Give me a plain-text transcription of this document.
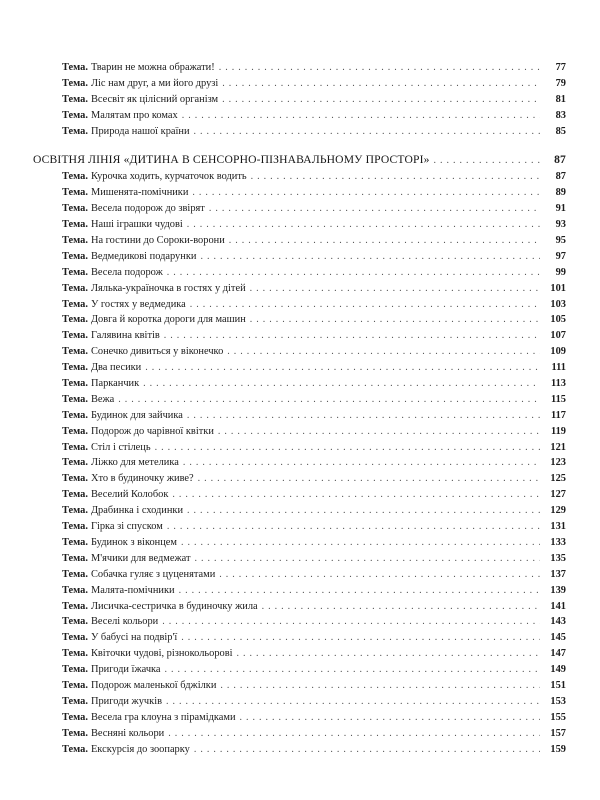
Тема. Тварин не можна ображати! . . .	77
Тема. Ліс нам друг, а ми його друзі . . .	79
Тема. Всесвіт як цілісний організм . . .	81
Тема. Малятам про комах . . .	83
Тема. Природа нашої країни . . .	85
ОСВІТНЯ ЛІНІЯ «ДИТИНА В СЕНСОРНО-ПІЗНАВАЛЬНОМУ ПРОСТОРІ» . . .	87
Тема. Курочка ходить, курчаточок водить . . .	87
Тема. Мишенята-помічники . . .	89
Тема. Весела подорож до звірят . . .	91
Тема. Наші іграшки чудові . . .	93
Тема. На гостини до Сороки-ворони . . .	95
Тема. Ведмедикові подарунки . . .	97
Тема. Весела подорож . . .	99
Тема. Лялька-україночка в гостях у дітей . . .	101
Тема. У гостях у ведмедика . . .	103
Тема. Довга й коротка дороги для машин . . .	105
Тема. Галявина квітів . . .	107
Тема. Сонечко дивиться у віконечко . . .	109
Тема. Два песики . . .	111
Тема. Парканчик . . .	113
Тема. Вежа . . .	115
Тема. Будинок для зайчика . . .	117
Тема. Подорож до чарівної квітки . . .	119
Тема. Стіл і стілець . . .	121
Тема. Ліжко для метелика . . .	123
Тема. Хто в будиночку живе? . . .	125
Тема. Веселий Колобок . . .	127
Тема. Драбинка і сходинки . . .	129
Тема. Гірка зі спуском . . .	131
Тема. Будинок з віконцем . . .	133
Тема. М'ячики для ведмежат . . .	135
Тема. Собачка гуляє з цуценятами . . .	137
Тема. Малята-помічники . . .	139
Тема. Лисичка-сестричка в будиночку жила . . .	141
Тема. Веселі кольори . . .	143
Тема. У бабусі на подвір'ї . . .	145
Тема. Квіточки чудові, різнокольорові . . .	147
Тема. Пригоди їжачка . . .	149
Тема. Подорож маленької бджілки . . .	151
Тема. Пригоди жучків . . .	153
Тема. Весела гра клоуна з пірамідками . . .	155
Тема. Весняні кольори . . .	157
Тема. Екскурсія до зоопарку . . .	159
